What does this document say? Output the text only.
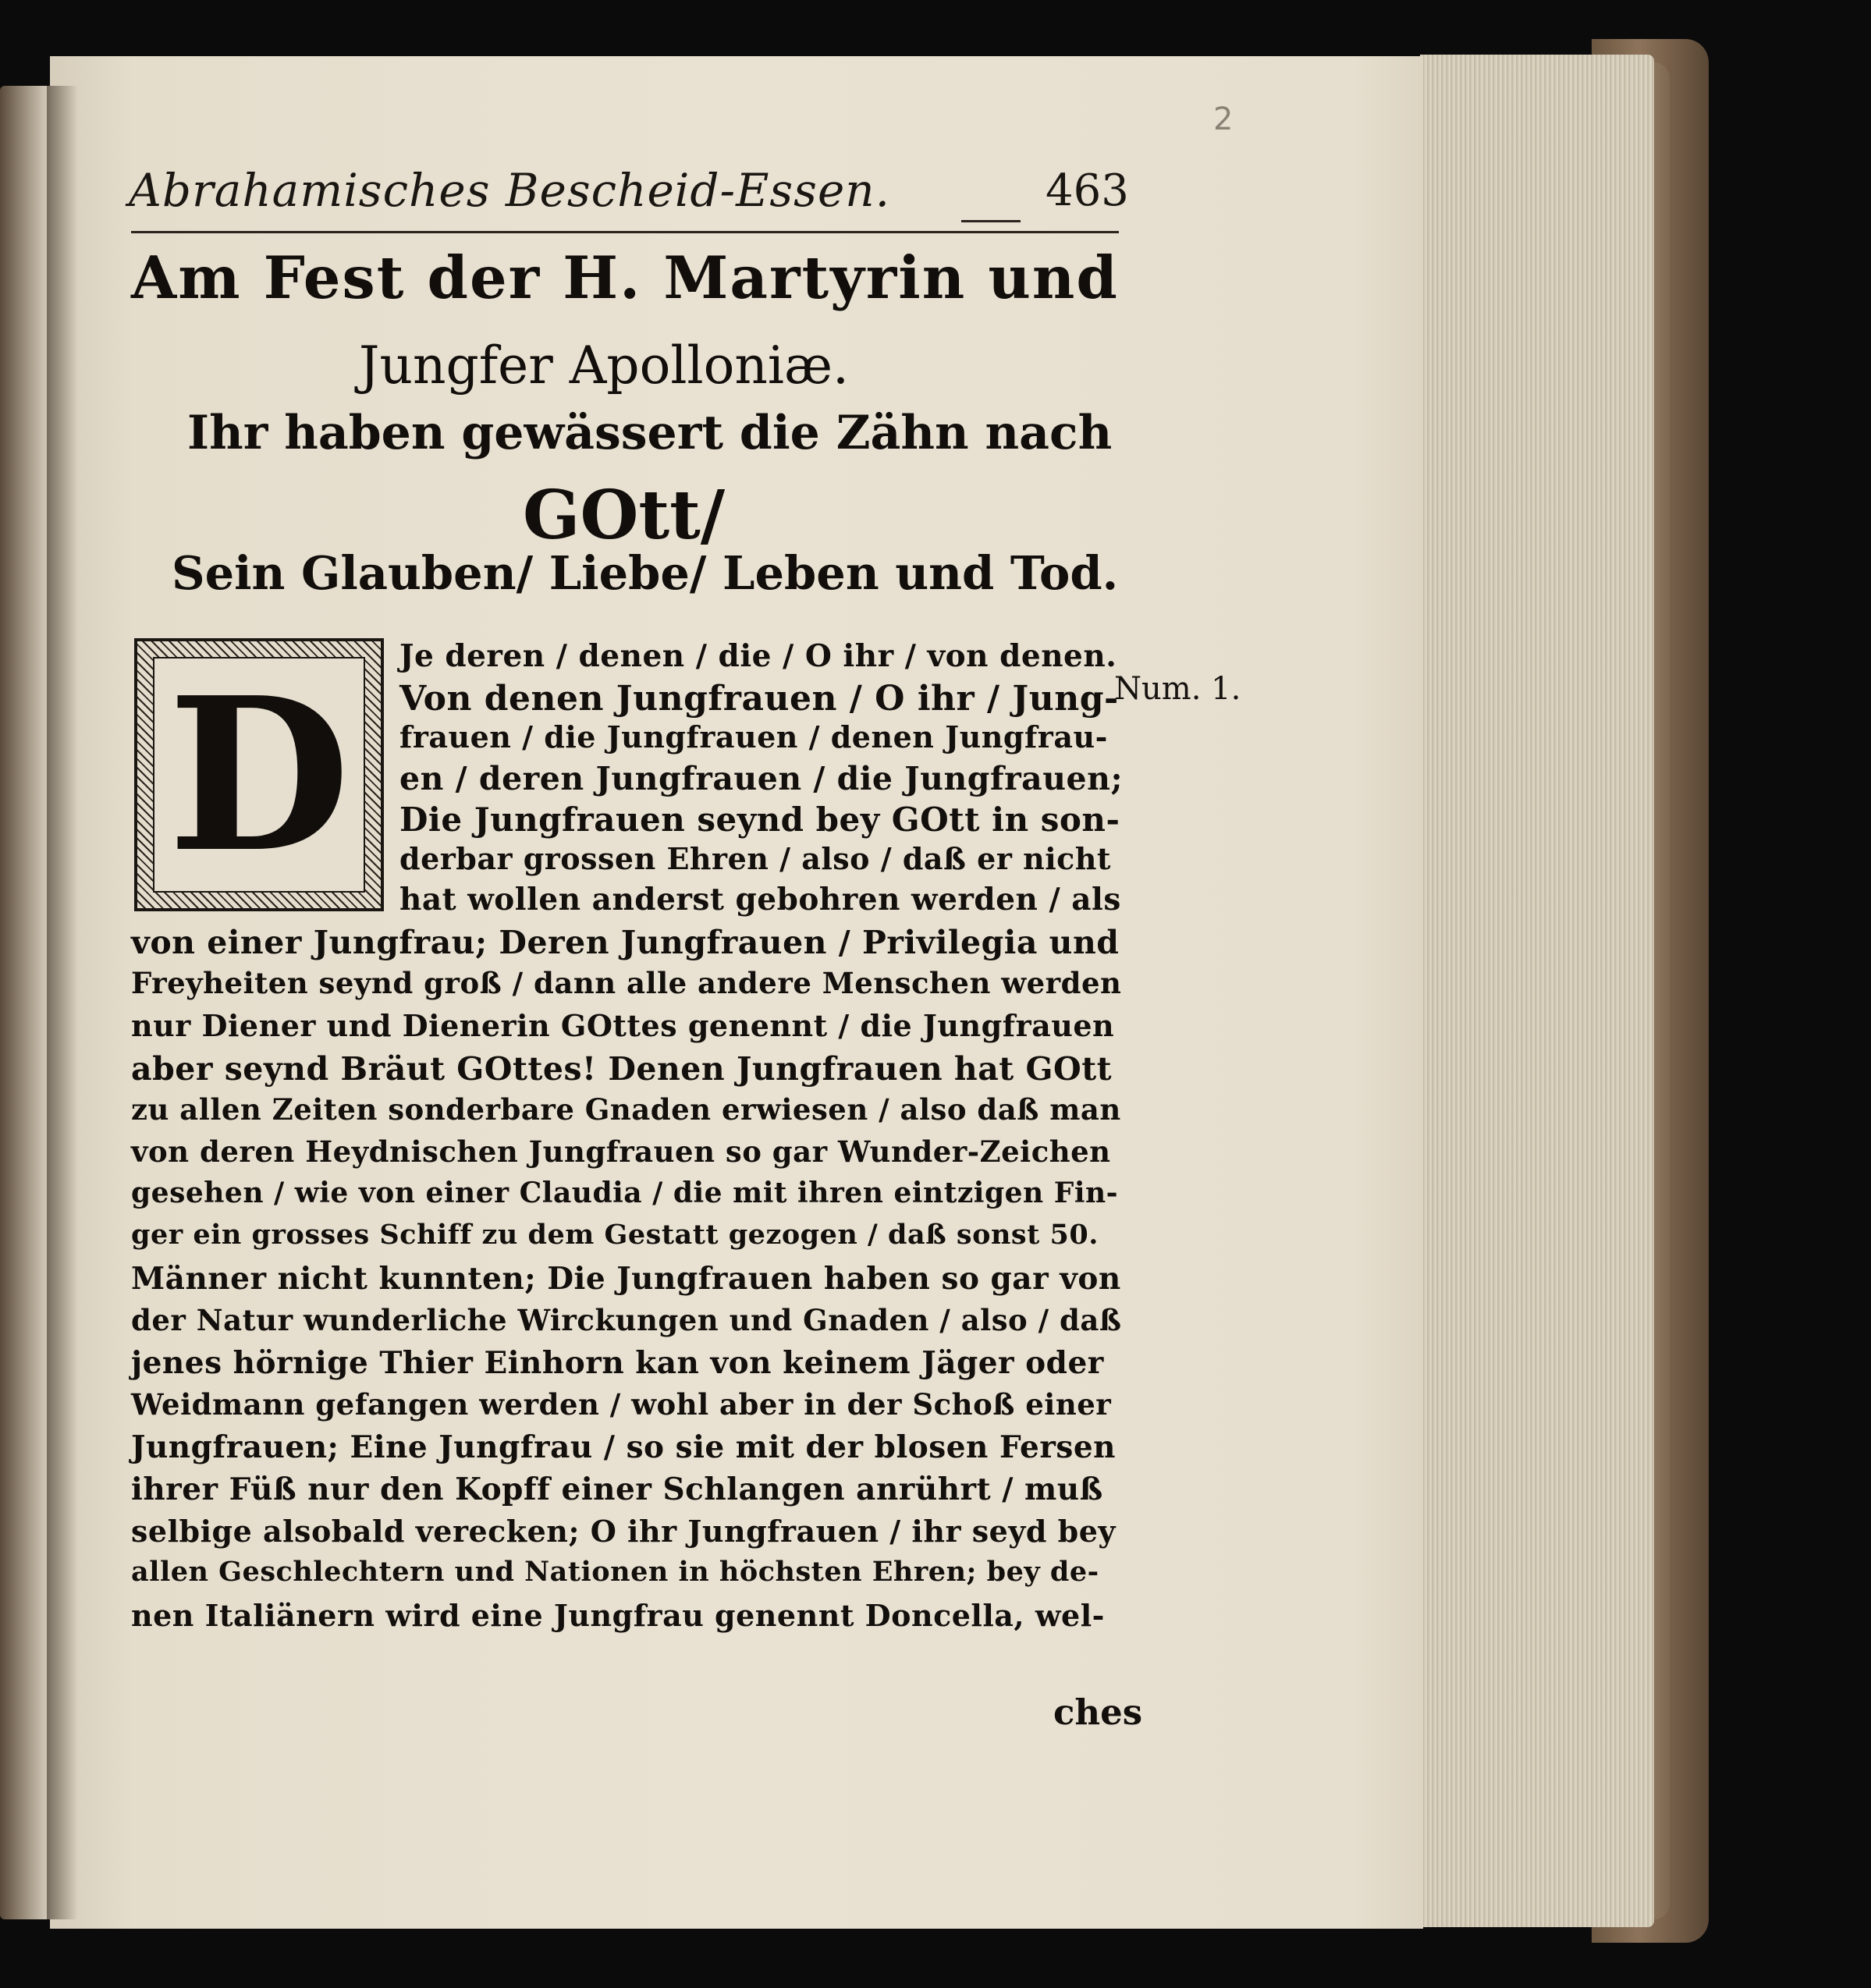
2
Abrahamisches Bescheid-Essen.	463
Am Fest der H. Martyrin und
Jungfer Apolloniæ.
Ihr haben gewässert die Zähn nach
GOtt/
Sein Glauben/ Liebe/ Leben und Tod.
D	Num. 1.
Je deren / denen / die / O ihr / von denen.
Von denen Jungfrauen / O ihr / Jung-
frauen / die Jungfrauen / denen Jungfrau-
en / deren Jungfrauen / die Jungfrauen;
Die Jungfrauen seynd bey GOtt in son-
derbar grossen Ehren / also / daß er nicht
hat wollen anderst gebohren werden / als
von einer Jungfrau; Deren Jungfrauen / Privilegia und
Freyheiten seynd groß / dann alle andere Menschen werden
nur Diener und Dienerin GOttes genennt / die Jungfrauen
aber seynd Bräut GOttes! Denen Jungfrauen hat GOtt
zu allen Zeiten sonderbare Gnaden erwiesen / also daß man
von deren Heydnischen Jungfrauen so gar Wunder-Zeichen
gesehen / wie von einer Claudia / die mit ihren eintzigen Fin-
ger ein grosses Schiff zu dem Gestatt gezogen / daß sonst 50.
Männer nicht kunnten; Die Jungfrauen haben so gar von
der Natur wunderliche Wirckungen und Gnaden / also / daß
jenes hörnige Thier Einhorn kan von keinem Jäger oder
Weidmann gefangen werden / wohl aber in der Schoß einer
Jungfrauen; Eine Jungfrau / so sie mit der blosen Fersen
ihrer Füß nur den Kopff einer Schlangen anrührt / muß
selbige alsobald verecken; O ihr Jungfrauen / ihr seyd bey
allen Geschlechtern und Nationen in höchsten Ehren; bey de-
nen Italiänern wird eine Jungfrau genennt Doncella, wel-
ches
